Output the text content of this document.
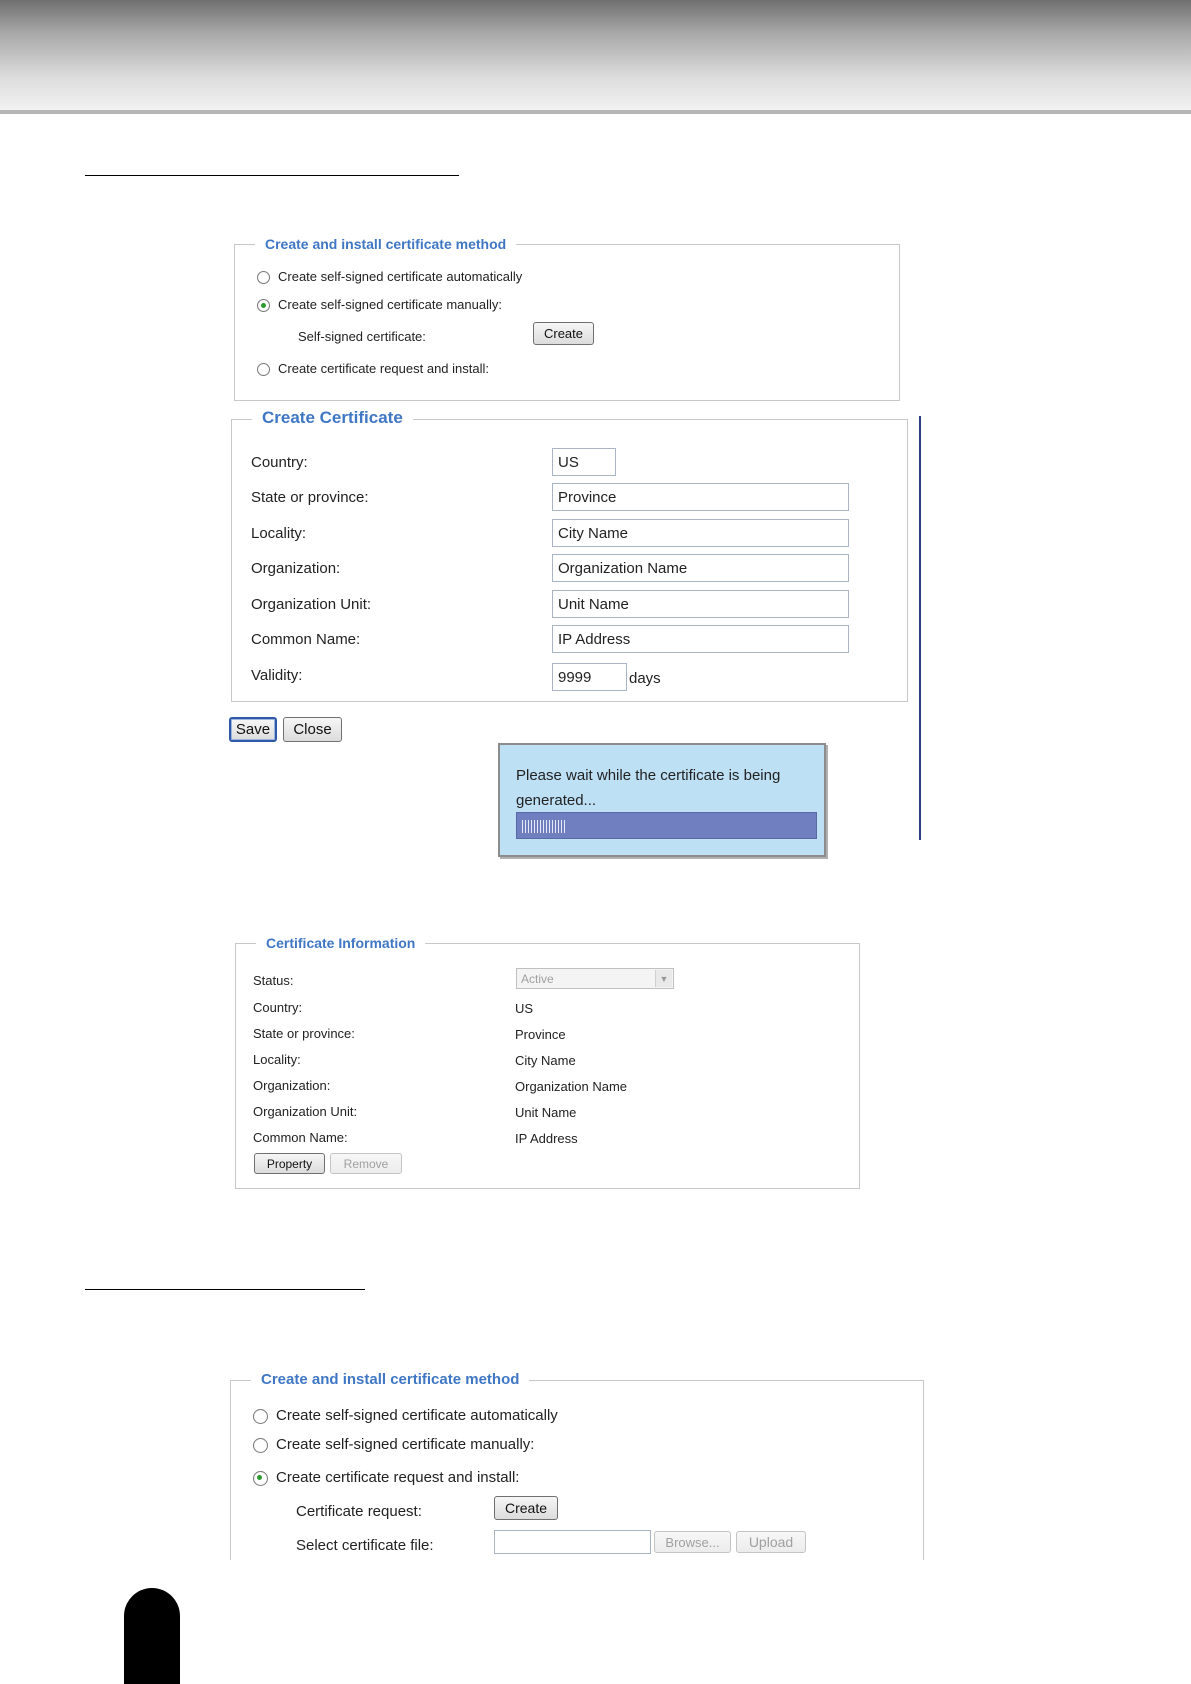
Create and install certificate method
Create self-signed certificate automatically
Create self-signed certificate manually:
Self-signed certificate:	Create
Create certificate request and install:
Create Certificate
Country:	US
State or province:	Province
Locality:	City Name
Organization:	Organization Name
Organization Unit:	Unit Name
Common Name:	IP Address
Validity:	9999	days
Save	Close
Please wait while the certificate is being generated...
Certificate Information
Status:	Active	▼
Country:	US
State or province:	Province
Locality:	City Name
Organization:	Organization Name
Organization Unit:	Unit Name
Common Name:	IP Address
Property	Remove
Create and install certificate method
Create self-signed certificate automatically
Create self-signed certificate manually:
Create certificate request and install:
Certificate request:	Create
Select certificate file:	Browse...	Upload
